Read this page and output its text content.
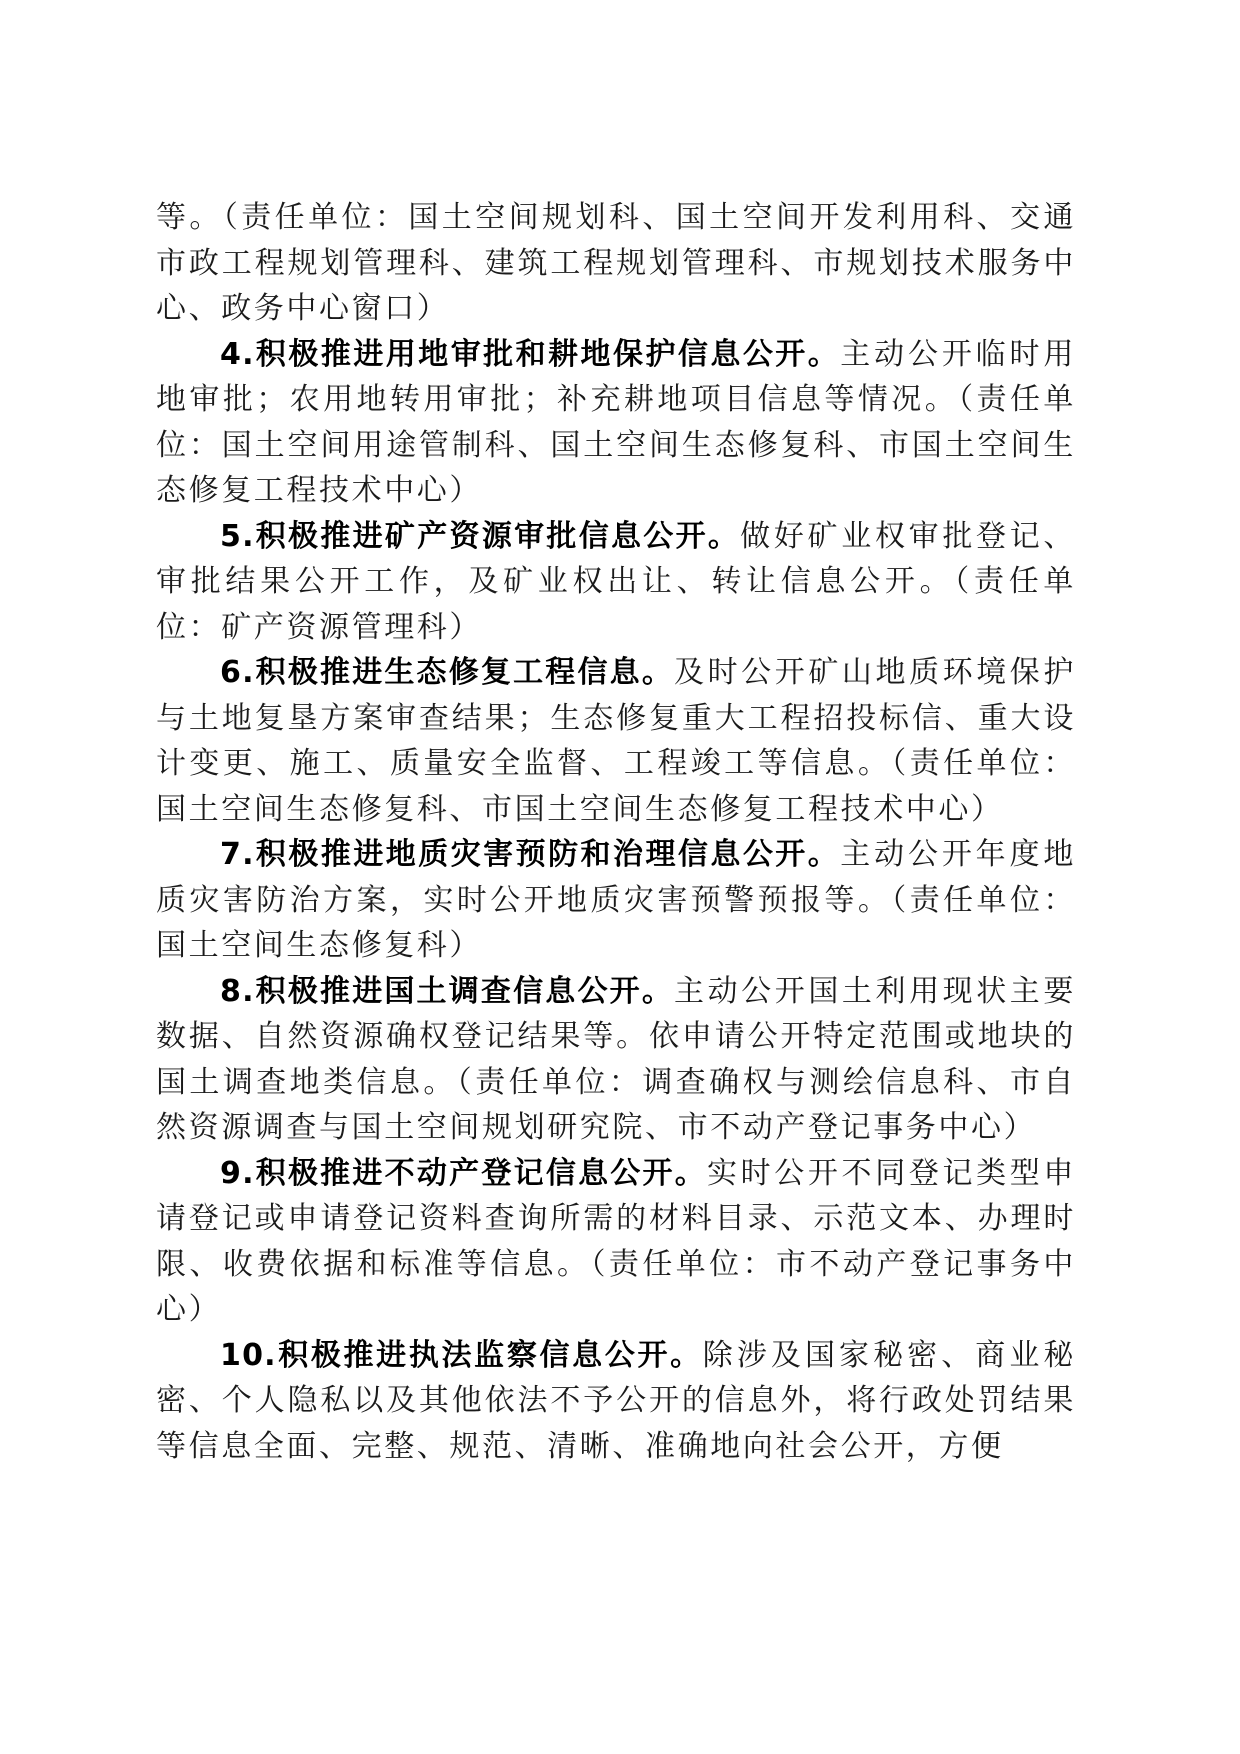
等。（责任单位：国土空间规划科、国土空间开发利用科、交通市政工程规划管理科、建筑工程规划管理科、市规划技术服务中心、政务中心窗口）

4.积极推进用地审批和耕地保护信息公开。主动公开临时用地审批；农用地转用审批；补充耕地项目信息等情况。（责任单位：国土空间用途管制科、国土空间生态修复科、市国土空间生态修复工程技术中心）

5.积极推进矿产资源审批信息公开。做好矿业权审批登记、审批结果公开工作，及矿业权出让、转让信息公开。（责任单位：矿产资源管理科）

6.积极推进生态修复工程信息。及时公开矿山地质环境保护与土地复垦方案审查结果；生态修复重大工程招投标信、重大设计变更、施工、质量安全监督、工程竣工等信息。（责任单位：国土空间生态修复科、市国土空间生态修复工程技术中心）

7.积极推进地质灾害预防和治理信息公开。主动公开年度地质灾害防治方案，实时公开地质灾害预警预报等。（责任单位：国土空间生态修复科）

8.积极推进国土调查信息公开。主动公开国土利用现状主要数据、自然资源确权登记结果等。依申请公开特定范围或地块的国土调查地类信息。（责任单位：调查确权与测绘信息科、市自然资源调查与国土空间规划研究院、市不动产登记事务中心）

9.积极推进不动产登记信息公开。实时公开不同登记类型申请登记或申请登记资料查询所需的材料目录、示范文本、办理时限、收费依据和标准等信息。（责任单位：市不动产登记事务中心）

10.积极推进执法监察信息公开。除涉及国家秘密、商业秘密、个人隐私以及其他依法不予公开的信息外，将行政处罚结果等信息全面、完整、规范、清晰、准确地向社会公开，方便
